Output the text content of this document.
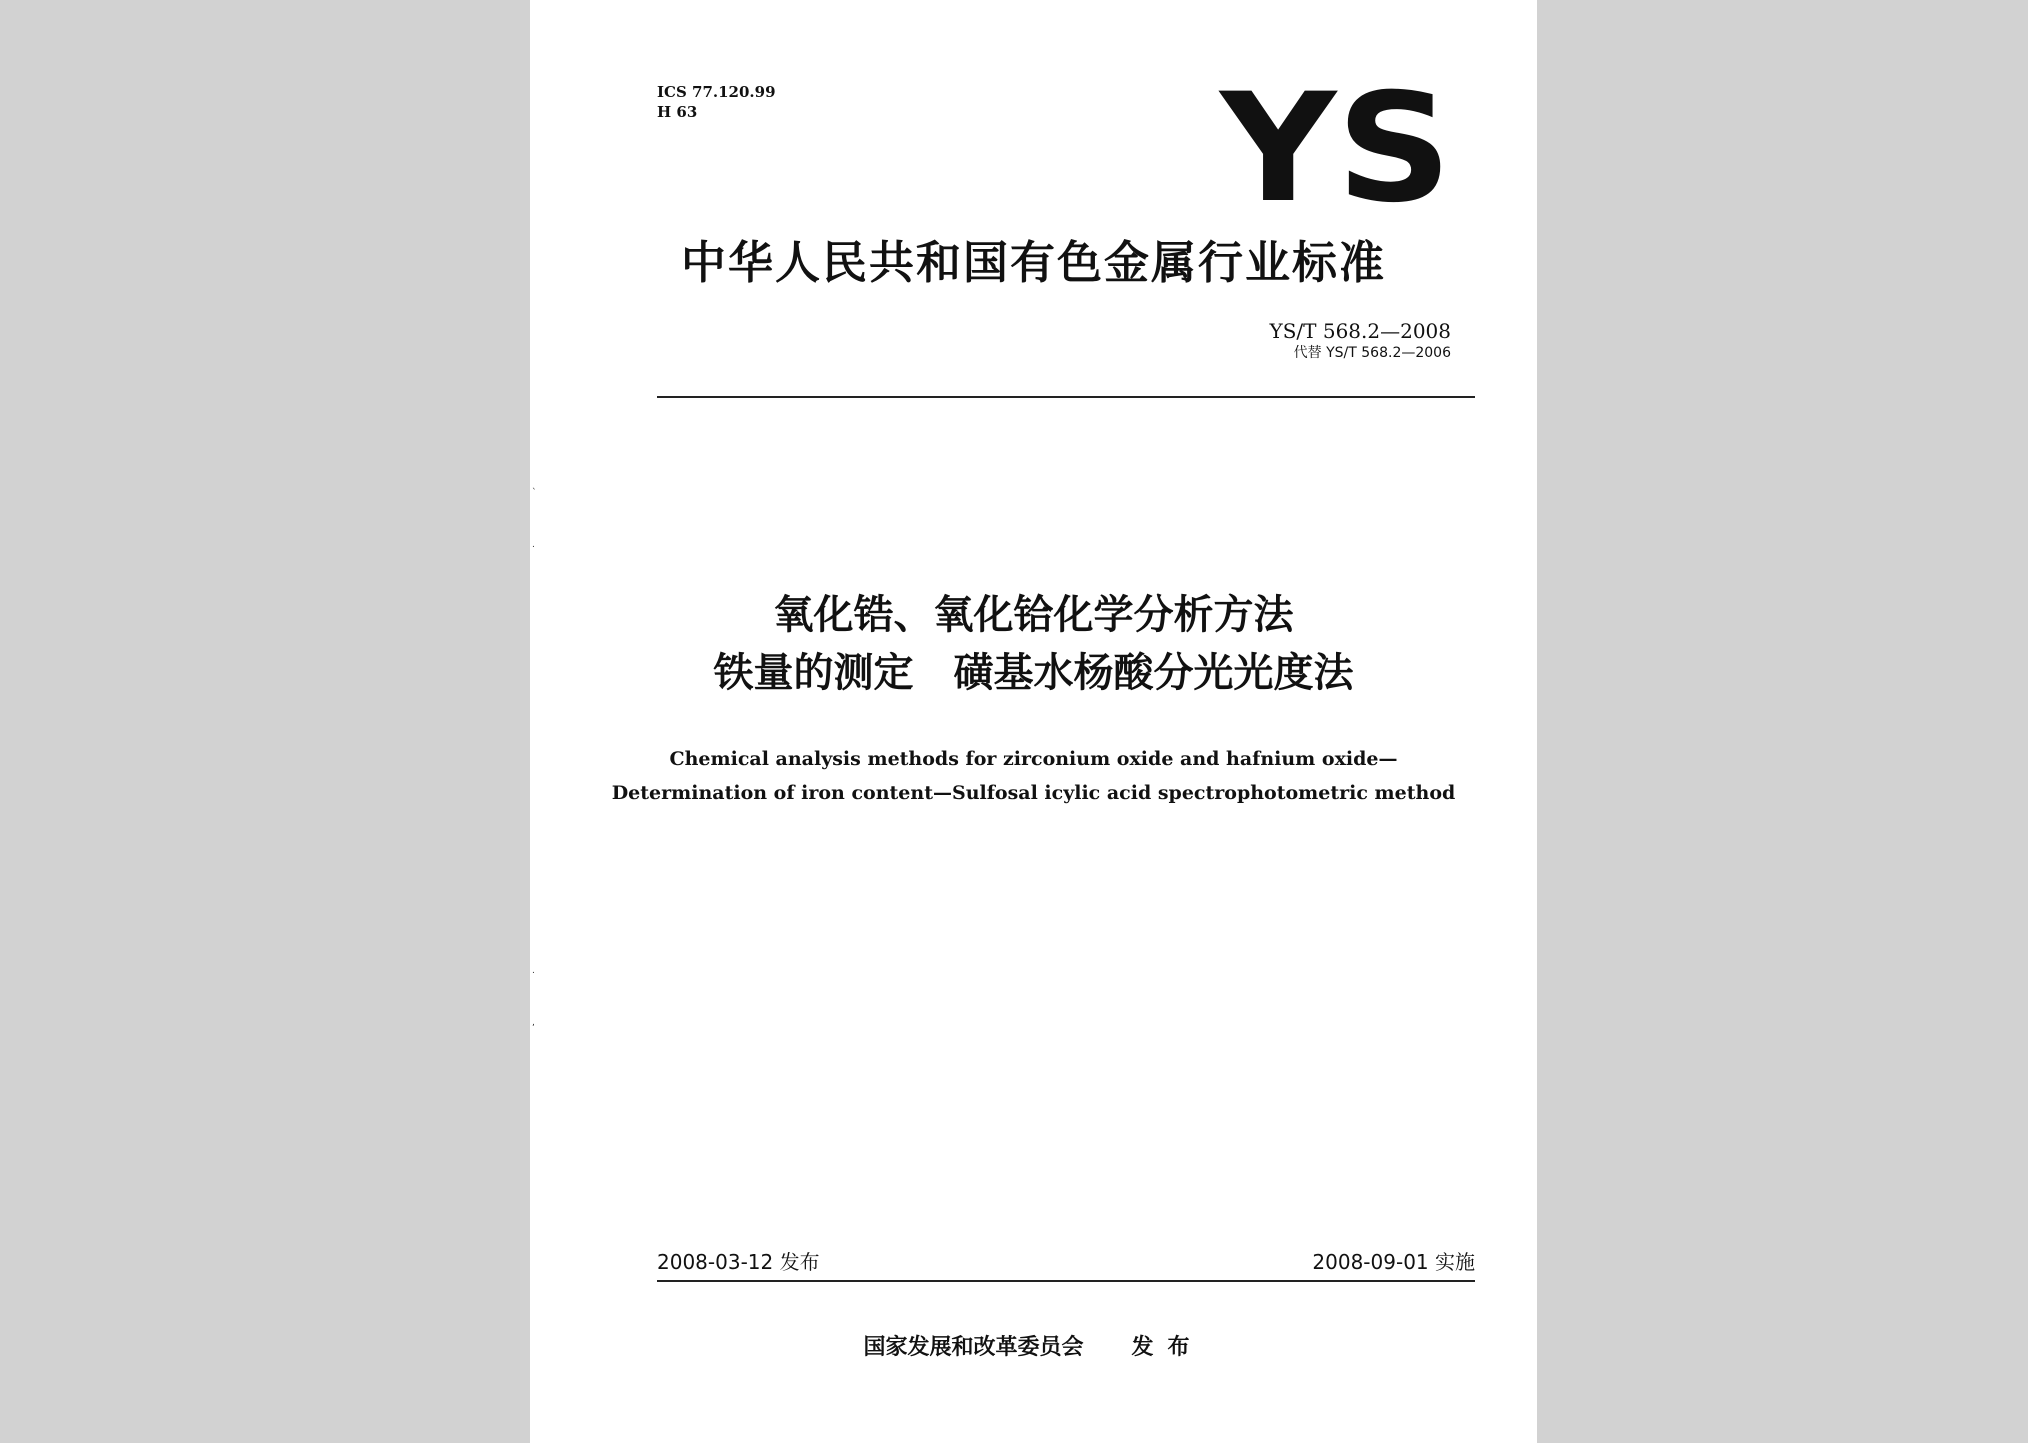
ICS 77.120.99
H 63	YS
中华人民共和国有色金属行业标准
YS/T 568.2—2008
代替 YS/T 568.2—2006
`
.
.
,
氧化锆、氧化铪化学分析方法
铁量的测定　磺基水杨酸分光光度法
Chemical analysis methods for zirconium oxide and hafnium oxide—
Determination of iron content—Sulfosal icylic acid spectrophotometric method
2008-03-12 发布	2008-09-01 实施
国家发展和改革委员会 发布
